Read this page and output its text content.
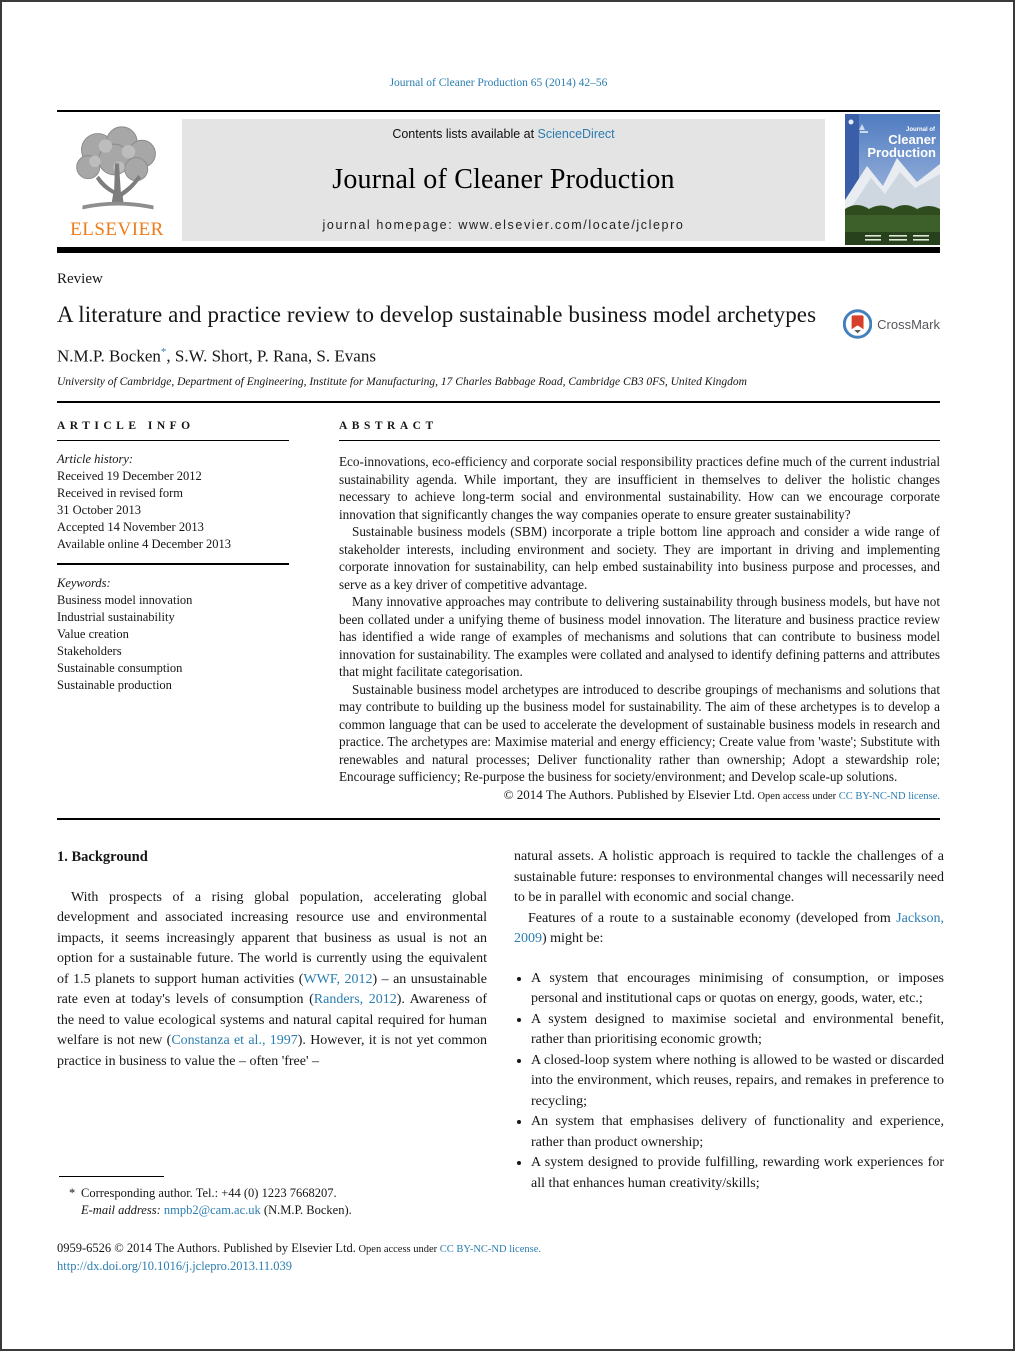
Journal of Cleaner Production 65 (2014) 42–56
ELSEVIER
Contents lists available at ScienceDirect
Journal of Cleaner Production
journal homepage: www.elsevier.com/locate/jclepro
Journal of
Cleaner
Production
Review
A literature and practice review to develop sustainable business model archetypes	CrossMark
N.M.P. Bocken*, S.W. Short, P. Rana, S. Evans
University of Cambridge, Department of Engineering, Institute for Manufacturing, 17 Charles Babbage Road, Cambridge CB3 0FS, United Kingdom
ARTICLE INFO
Article history:
Received 19 December 2012
Received in revised form
31 October 2013
Accepted 14 November 2013
Available online 4 December 2013
Keywords:
Business model innovation
Industrial sustainability
Value creation
Stakeholders
Sustainable consumption
Sustainable production
ABSTRACT

Eco-innovations, eco-efficiency and corporate social responsibility practices define much of the current industrial sustainability agenda. While important, they are insufficient in themselves to deliver the holistic changes necessary to achieve long-term social and environmental sustainability. How can we encourage corporate innovation that significantly changes the way companies operate to ensure greater sustainability?

Sustainable business models (SBM) incorporate a triple bottom line approach and consider a wide range of stakeholder interests, including environment and society. They are important in driving and implementing corporate innovation for sustainability, can help embed sustainability into business purpose and processes, and serve as a key driver of competitive advantage.

Many innovative approaches may contribute to delivering sustainability through business models, but have not been collated under a unifying theme of business model innovation. The literature and business practice review has identified a wide range of examples of mechanisms and solutions that can contribute to business model innovation for sustainability. The examples were collated and analysed to identify defining patterns and attributes that might facilitate categorisation.

Sustainable business model archetypes are introduced to describe groupings of mechanisms and solutions that may contribute to building up the business model for sustainability. The aim of these archetypes is to develop a common language that can be used to accelerate the development of sustainable business models in research and practice. The archetypes are: Maximise material and energy efficiency; Create value from 'waste'; Substitute with renewables and natural processes; Deliver functionality rather than ownership; Adopt a stewardship role; Encourage sufficiency; Re-purpose the business for society/environment; and Develop scale-up solutions.

© 2014 The Authors. Published by Elsevier Ltd. Open access under CC BY-NC-ND license.
1. Background

With prospects of a rising global population, accelerating global development and associated increasing resource use and environmental impacts, it seems increasingly apparent that business as usual is not an option for a sustainable future. The world is currently using the equivalent of 1.5 planets to support human activities (WWF, 2012) – an unsustainable rate even at today's levels of consumption (Randers, 2012). Awareness of the need to value ecological systems and natural capital required for human welfare is not new (Constanza et al., 1997). However, it is not yet common practice in business to value the – often 'free' –

natural assets. A holistic approach is required to tackle the challenges of a sustainable future: responses to environmental changes will necessarily need to be in parallel with economic and social change.

Features of a route to a sustainable economy (developed from Jackson, 2009) might be:

• A system that encourages minimising of consumption, or imposes personal and institutional caps or quotas on energy, goods, water, etc.;
• A system designed to maximise societal and environmental benefit, rather than prioritising economic growth;
• A closed-loop system where nothing is allowed to be wasted or discarded into the environment, which reuses, repairs, and remakes in preference to recycling;
• An system that emphasises delivery of functionality and experience, rather than product ownership;
• A system designed to provide fulfilling, rewarding work experiences for all that enhances human creativity/skills;
* Corresponding author. Tel.: +44 (0) 1223 7668207.
E-mail address: nmpb2@cam.ac.uk (N.M.P. Bocken).
0959-6526 © 2014 The Authors. Published by Elsevier Ltd. Open access under CC BY-NC-ND license.
http://dx.doi.org/10.1016/j.jclepro.2013.11.039
